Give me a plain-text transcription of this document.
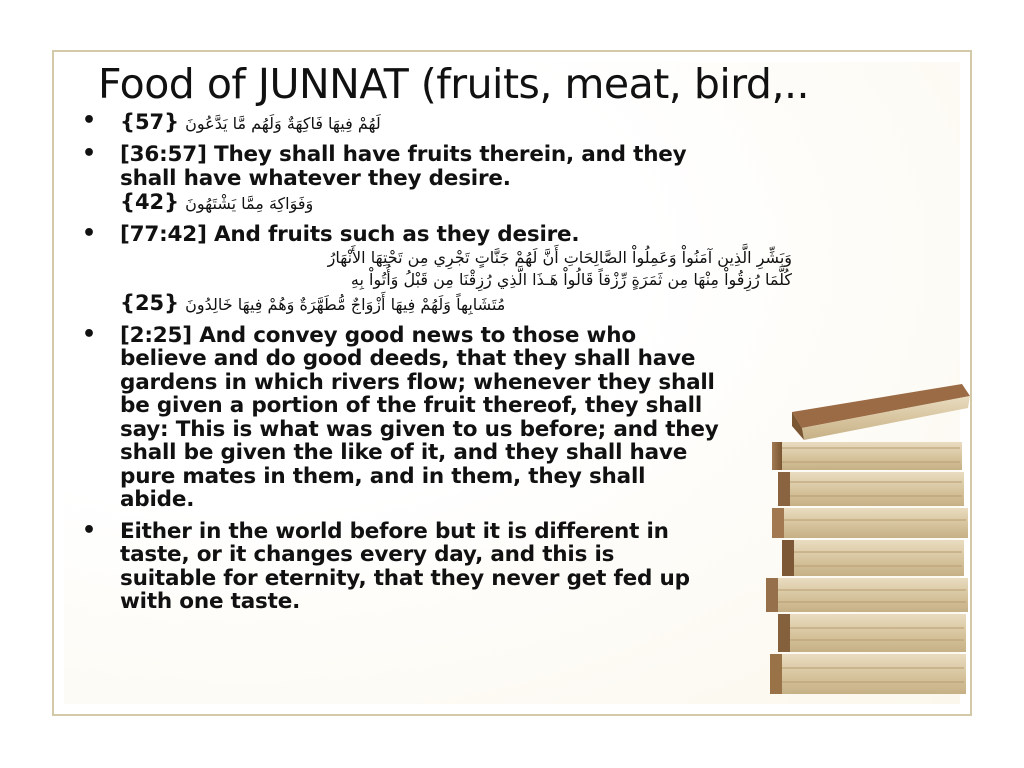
Food of JUNNAT (fruits, meat, bird,..
• {57} لَهُمْ فِيهَا فَاكِهَةٌ وَلَهُم مَّا يَدَّعُونَ
• [36:57] They shall have fruits therein, and they
shall have whatever they desire.
{42} وَفَوَاكِهَ مِمَّا يَشْتَهُونَ
• [77:42] And fruits such as they desire.
وَبَشِّرِ الَّذِين آمَنُواْ وَعَمِلُواْ الصَّالِحَاتِ أَنَّ لَهُمْ جَنَّاتٍ تَجْرِي مِن تَحْتِهَا الأَنْهَارُ
كُلَّمَا رُزِقُواْ مِنْهَا مِن ثَمَرَةٍ رِّزْقاً قَالُواْ هَـذَا الَّذِي رُزِقْنَا مِن قَبْلُ وَأُتُواْ بِهِ
{25} مُتَشَابِهاً وَلَهُمْ فِيهَا أَزْوَاجٌ مُّطَهَّرَةٌ وَهُمْ فِيهَا خَالِدُونَ
• [2:25] And convey good news to those who
believe and do good deeds, that they shall have
gardens in which rivers flow; whenever they shall
be given a portion of the fruit thereof, they shall
say: This is what was given to us before; and they
shall be given the like of it, and they shall have
pure mates in them, and in them, they shall
abide.
• Either in the world before but it is different in
taste, or it changes every day, and this is
suitable for eternity, that they never get fed up
with one taste.
